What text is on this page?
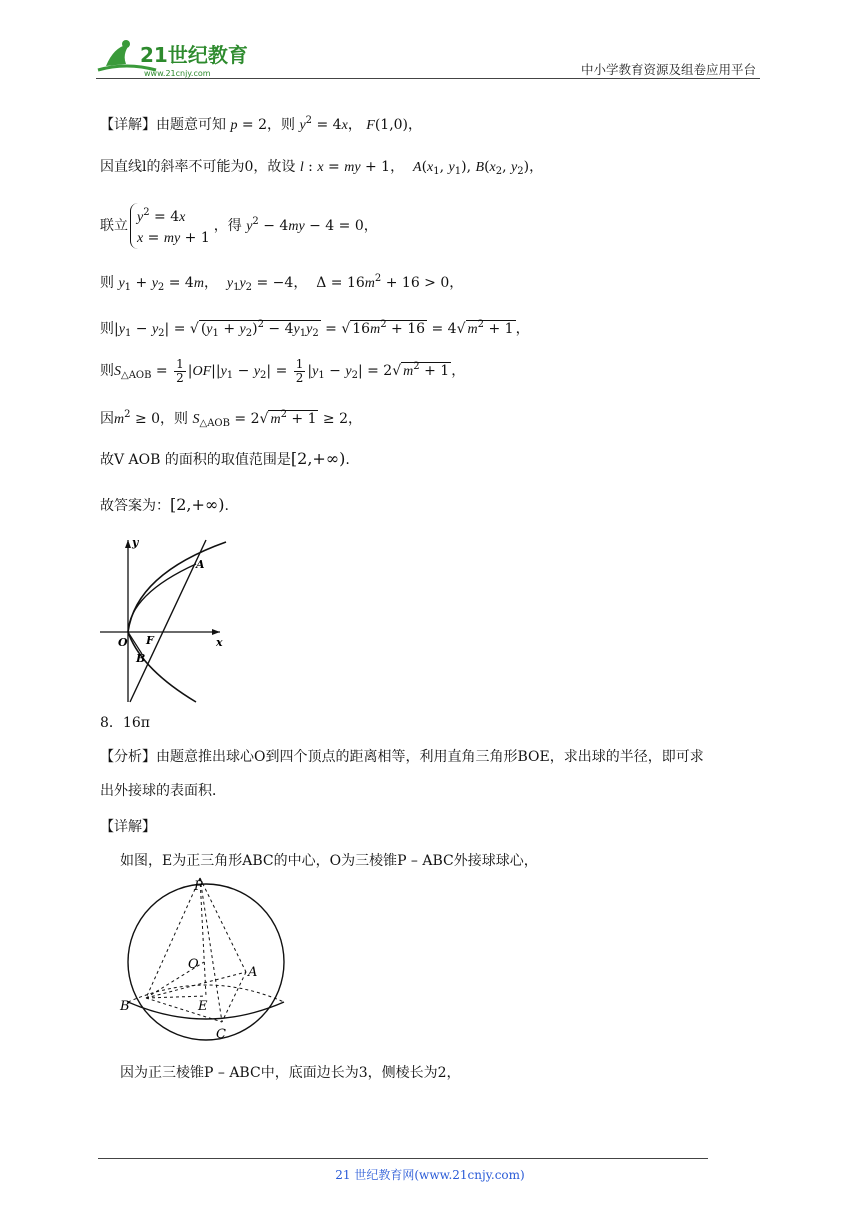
21世纪教育
www.21cnjy.com	中小学教育资源及组卷应用平台
【详解】由题意可知 p = 2，则 $y^2 = 4x$， F(1,0)，
因直线l的斜率不可能为0，故设 l : x = my + 1，  $A(x_1$, $y_1$), $B(x_2$, $y_2$)，
联立$y^2 = 4x$
x = my + 1，得 $y^2 - 4my - 4 = 0$，
则 $y_1 + y_2 = 4m$，  $y_1y_2 = -4$，  $\Delta = 16m^2 + 16 > 0$，
则$|y_1 - y_2|$ = √ $(y_1 + y_2)^2 - 4y_1y_2$ = √ $16m^2 + 16 = 4√$ $m^2 + 1$ ，
则$S_{\triangle AOB} = \frac{1}{2} |OF||y_1 - y_2| = \frac{1}{2} |y_1 - y_2| = 2√$ $m^2 + 1$ ，
因$m^2 \ge 0$，则 $S_{\triangle AOB} = 2√$ $m^2 + 1 \ge 2$，
故V AOB 的面积的取值范围是[2,+∞).
故答案为：[2,+∞).
y
x
A
O F
B
8．16π
【分析】由题意推出球心O到四个顶点的距离相等，利用直角三角形BOE，求出球的半径，即可求
出外接球的表面积．
【详解】
如图，E为正三角形ABC的中心，O为三棱锥P – ABC外接球球心，
P
O
A
B	E
C
因为正三棱锥P – ABC中，底面边长为3，侧棱长为2，
21 世纪教育网(www.21cnjy.com)
